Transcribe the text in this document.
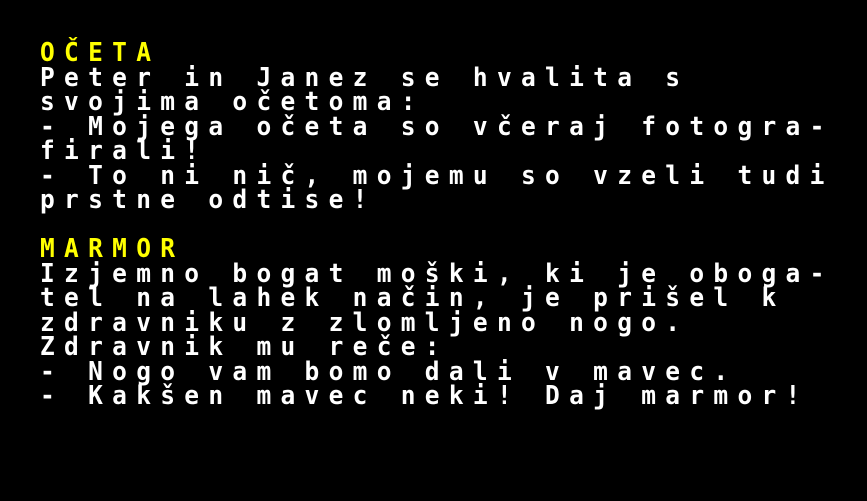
OČETA
Peter in Janez se hvalita s
svojima očetoma:
- Mojega očeta so včeraj fotogra-
firali!
- To ni nič, mojemu so vzeli tudi
prstne odtise!
MARMOR
Izjemno bogat moški, ki je oboga-
tel na lahek način, je prišel k
zdravniku z zlomljeno nogo.
Zdravnik mu reče:
- Nogo vam bomo dali v mavec.
- Kakšen mavec neki! Daj marmor!
